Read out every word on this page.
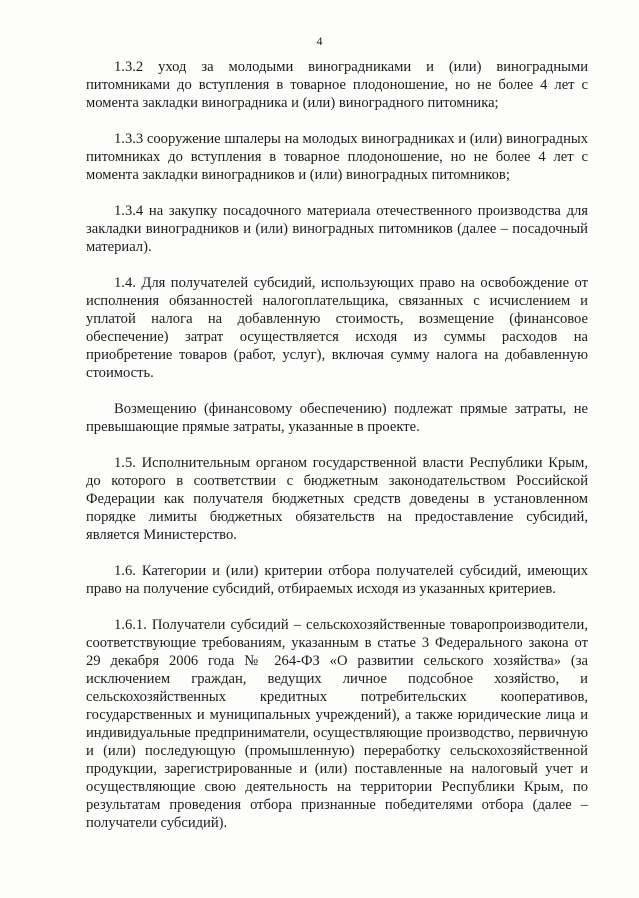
4

1.3.2 уход за молодыми виноградниками и (или) виноградными питомниками до вступления в товарное плодоношение, но не более 4 лет с момента закладки виноградника и (или) виноградного питомника;

1.3.3 сооружение шпалеры на молодых виноградниках и (или) виноградных питомниках до вступления в товарное плодоношение, но не более 4 лет с момента закладки виноградников и (или) виноградных питомников;

1.3.4 на закупку посадочного материала отечественного производства для закладки виноградников и (или) виноградных питомников (далее – посадочный материал).

1.4. Для получателей субсидий, использующих право на освобождение от исполнения обязанностей налогоплательщика, связанных с исчислением и уплатой налога на добавленную стоимость, возмещение (финансовое обеспечение) затрат осуществляется исходя из суммы расходов на приобретение товаров (работ, услуг), включая сумму налога на добавленную стоимость.

Возмещению (финансовому обеспечению) подлежат прямые затраты, не превышающие прямые затраты, указанные в проекте.

1.5. Исполнительным органом государственной власти Республики Крым, до которого в соответствии с бюджетным законодательством Российской Федерации как получателя бюджетных средств доведены в установленном порядке лимиты бюджетных обязательств на предоставление субсидий, является Министерство.

1.6. Категории и (или) критерии отбора получателей субсидий, имеющих право на получение субсидий, отбираемых исходя из указанных критериев.

1.6.1. Получатели субсидий – сельскохозяйственные товаропроизводители, соответствующие требованиям, указанным в статье 3 Федерального закона от 29 декабря 2006 года № 264-ФЗ «О развитии сельского хозяйства» (за исключением граждан, ведущих личное подсобное хозяйство, и сельскохозяйственных кредитных потребительских кооперативов, государственных и муниципальных учреждений), а также юридические лица и индивидуальные предприниматели, осуществляющие производство, первичную и (или) последующую (промышленную) переработку сельскохозяйственной продукции, зарегистрированные и (или) поставленные на налоговый учет и осуществляющие свою деятельность на территории Республики Крым, по результатам проведения отбора признанные победителями отбора (далее – получатели субсидий).
